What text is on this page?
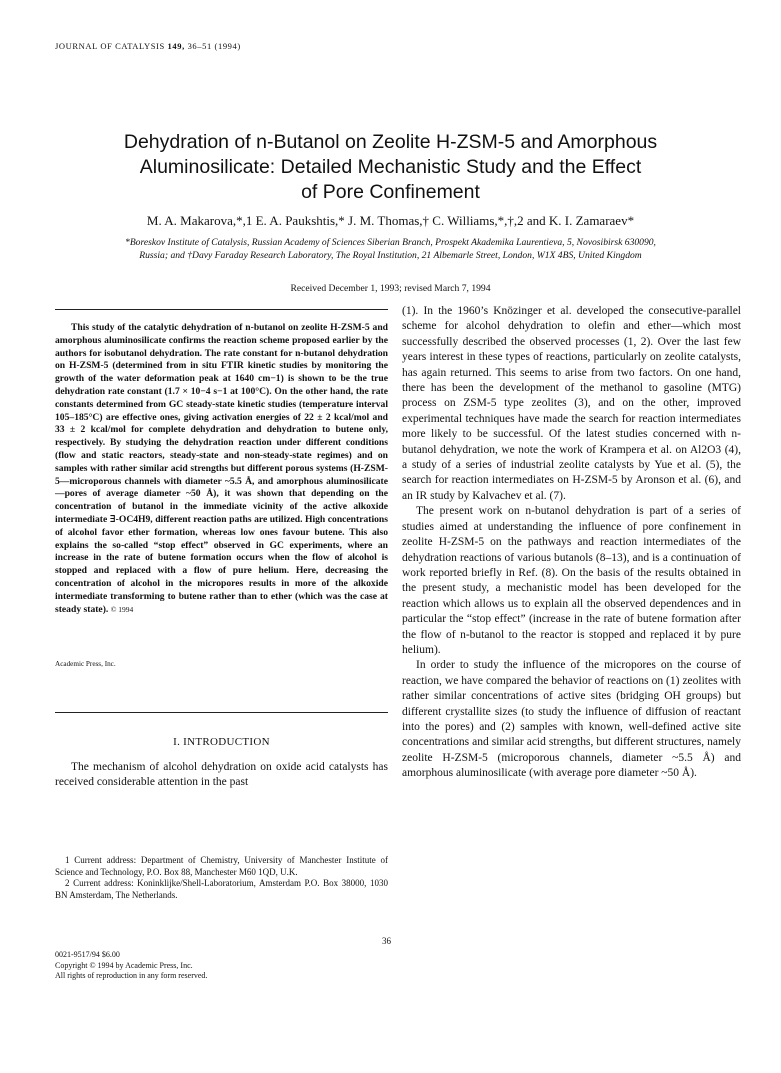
JOURNAL OF CATALYSIS 149, 36–51 (1994)
Dehydration of n-Butanol on Zeolite H-ZSM-5 and Amorphous
Aluminosilicate: Detailed Mechanistic Study and the Effect
of Pore Confinement
M. A. Makarova,*,1 E. A. Paukshtis,* J. M. Thomas,† C. Williams,*,†,2 and K. I. Zamaraev*
*Boreskov Institute of Catalysis, Russian Academy of Sciences Siberian Branch, Prospekt Akademika Laurentieva, 5, Novosibirsk 630090,
Russia; and †Davy Faraday Research Laboratory, The Royal Institution, 21 Albemarle Street, London, W1X 4BS, United Kingdom
Received December 1, 1993; revised March 7, 1994

This study of the catalytic dehydration of n-butanol on zeolite H-ZSM-5 and amorphous aluminosilicate confirms the reaction scheme proposed earlier by the authors for isobutanol dehydration. The rate constant for n-butanol dehydration on H-ZSM-5 (determined from in situ FTIR kinetic studies by monitoring the growth of the water deformation peak at 1640 cm−1) is shown to be the true dehydration rate constant (1.7 × 10−4 s−1 at 100°C). On the other hand, the rate constants determined from GC steady-state kinetic studies (temperature interval 105–185°C) are effective ones, giving activation energies of 22 ± 2 kcal/mol and 33 ± 2 kcal/mol for complete dehydration and dehydration to butene only, respectively. By studying the dehydration reaction under different conditions (flow and static reactors, steady-state and non-steady-state regimes) and on samples with rather similar acid strengths but different porous systems (H-ZSM-5—microporous channels with diameter ~5.5 Å, and amorphous aluminosilicate—pores of average diameter ~50 Å), it was shown that depending on the concentration of butanol in the immediate vicinity of the active alkoxide intermediate ∃-OC4H9, different reaction paths are utilized. High concentrations of alcohol favor ether formation, whereas low ones favour butene. This also explains the so-called “stop effect” observed in GC experiments, where an increase in the rate of butene formation occurs when the flow of alcohol is stopped and replaced with a flow of pure helium. Here, decreasing the concentration of alcohol in the micropores results in more of the alkoxide intermediate transforming to butene rather than to ether (which was the case at steady state). © 1994

Academic Press, Inc.
I. INTRODUCTION

The mechanism of alcohol dehydration on oxide acid catalysts has received considerable attention in the past

1 Current address: Department of Chemistry, University of Manchester Institute of Science and Technology, P.O. Box 88, Manchester M60 1QD, U.K.

2 Current address: Koninklijke/Shell-Laboratorium, Amsterdam P.O. Box 38000, 1030 BN Amsterdam, The Netherlands.

36
0021-9517/94 $6.00
Copyright © 1994 by Academic Press, Inc.
All rights of reproduction in any form reserved.

(1). In the 1960’s Knözinger et al. developed the consecutive-parallel scheme for alcohol dehydration to olefin and ether—which most successfully described the observed processes (1, 2). Over the last few years interest in these types of reactions, particularly on zeolite catalysts, has again returned. This seems to arise from two factors. On one hand, there has been the development of the methanol to gasoline (MTG) process on ZSM-5 type zeolites (3), and on the other, improved experimental techniques have made the search for reaction intermediates more likely to be successful. Of the latest studies concerned with n-butanol dehydration, we note the work of Krampera et al. on Al2O3 (4), a study of a series of industrial zeolite catalysts by Yue et al. (5), the search for reaction intermediates on H-ZSM-5 by Aronson et al. (6), and an IR study by Kalvachev et al. (7).

The present work on n-butanol dehydration is part of a series of studies aimed at understanding the influence of pore confinement in zeolite H-ZSM-5 on the pathways and reaction intermediates of the dehydration reactions of various butanols (8–13), and is a continuation of work reported briefly in Ref. (8). On the basis of the results obtained in the present study, a mechanistic model has been developed for the reaction which allows us to explain all the observed dependences and in particular the “stop effect” (increase in the rate of butene formation after the flow of n-butanol to the reactor is stopped and replaced it by pure helium).

In order to study the influence of the micropores on the course of reaction, we have compared the behavior of reactions on (1) zeolites with rather similar concentrations of active sites (bridging OH groups) but different crystallite sizes (to study the influence of diffusion of reactant into the pores) and (2) samples with known, well-defined active site concentrations and similar acid strengths, but different structures, namely zeolite H-ZSM-5 (microporous channels, diameter ~5.5 Å) and amorphous aluminosilicate (with average pore diameter ~50 Å).
